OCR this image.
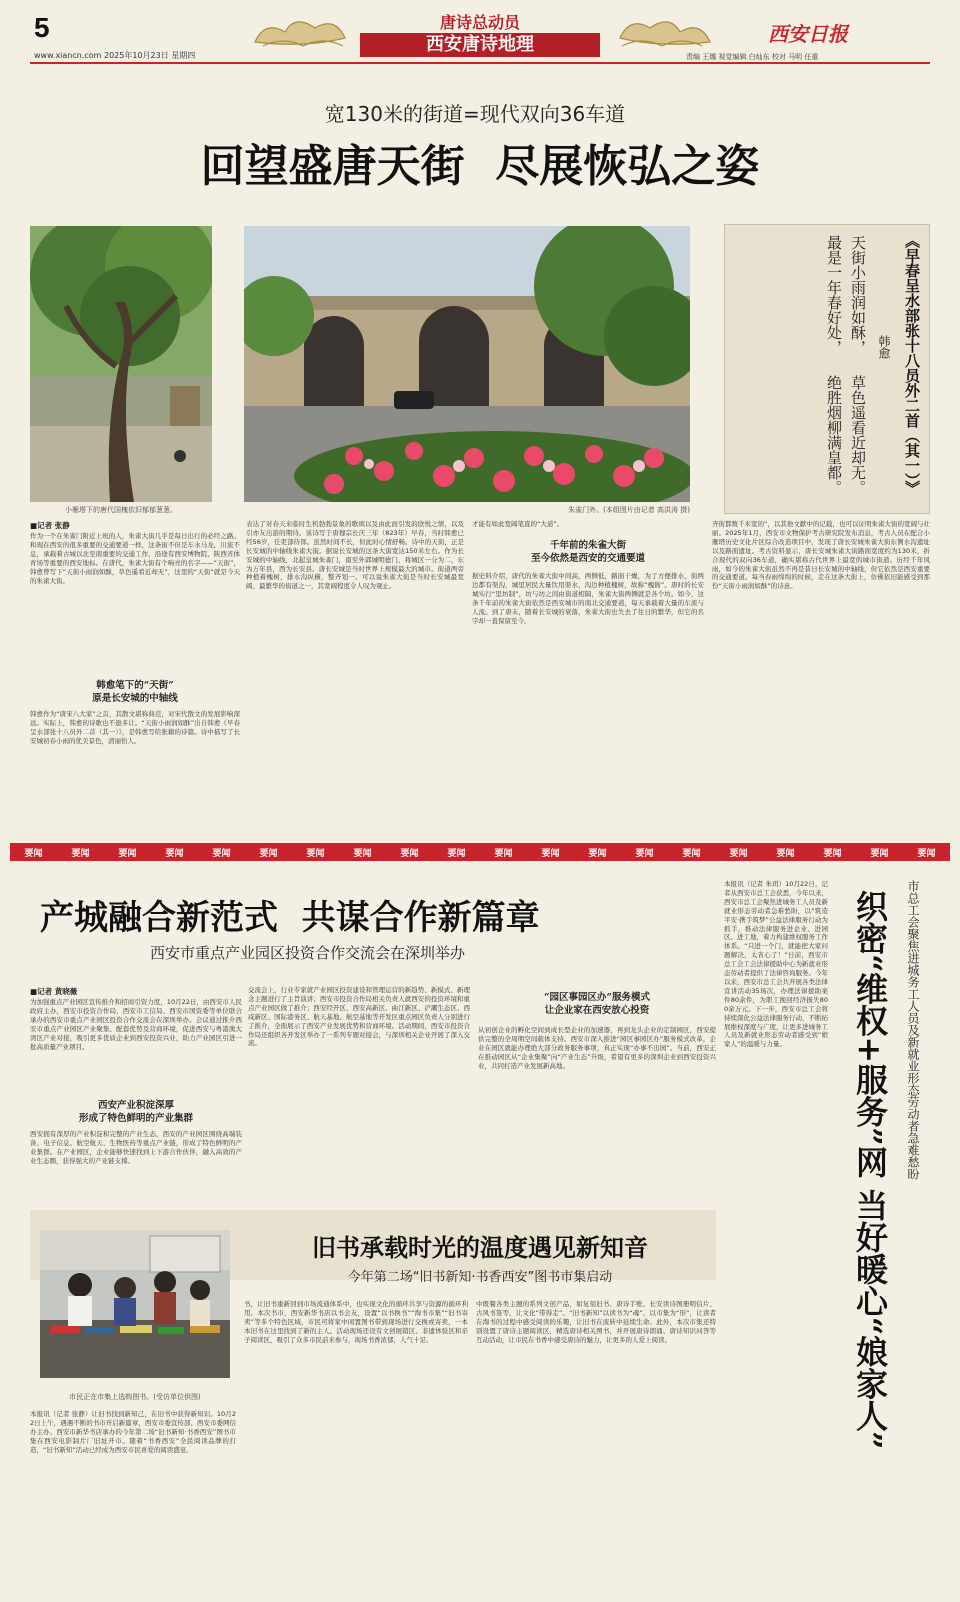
5
www.xiancn.com 2025年10月23日 星期四
唐诗总动员
西安唐诗地理	西安日报
责编 王娜 视觉编辑 白灿东 校对 马明 任重
宽130米的街道=现代双向36车道
回望盛唐天街  尽展恢弘之姿
小雁塔下的唐代国槐依旧郁郁葱葱。	朱雀门外。(本组图片由记者 高洪涛 摄)
《早春呈水部张十八员外二首（其一）》
韩愈
天街小雨润如酥，
草色遥看近却无。
最是一年春好处，
绝胜烟柳满皇都。
■记者 张静
作为一个在朱雀门附近上班的人，朱雀大街几乎是每日出行的必经之路。和现在西安的很多重要的交通要道一样，这条街不但是车水马龙，川流不息，承载着古城以北至南重要的交通工作，沿途有西安博物院、陕西省体育场等重要的西安地标。在唐代，朱雀大街有个响亮的名字——“天街”，韩愈曾写下“天街小雨润如酥，草色遥看近却无”，这里的“天街”就是今天的朱雀大街。
韩愈笔下的“天街”
原是长安城的中轴线
韩愈作为“唐宋八大家”之首，其散文堪称典范，对宋代散文的发展影响深远。实际上，韩愈的诗歌也不逊多让。“天街小雨润如酥”出自韩愈《早春呈水部张十八员外二首（其一）》，是韩愈写给张籍的诗篇。诗中描写了长安城初春小雨的优美景色，清丽怡人。
表达了对春天来临时生机勃勃景象的歌颂以及由此而引发的欣悦之情，以及引亦友出游的期待。该诗写于唐穆宗长庆三年（823年）早春，当时韩愈已经56岁，任吏部侍郎。虽然时间不长，但此时心情舒畅。诗中的天街，正是长安城的中轴线朱雀大街。据说长安城的这条大街宽达150米左右。作为长安城的中轴线，北起皇城朱雀门，南至外郭城明德门，将城区一分为二，东为万年县，西为长安县。唐长安城是当时世界上规模最大的城市。街道两旁种植着槐树，排水沟纵横，整齐划一。可以说朱雀大街是当时长安城最宽阔、最繁华的街道之一，其宽阔程度令人叹为观止。
才能有如此宽阔笔直的“大道”。
千年前的朱雀大街
至今依然是西安的交通要道
据史料介绍，唐代的朱雀大街中间高，两侧低，路面干燥，为了方便排水，街两边都有渠沟，城里居民大量饮用渠水，沟边种植槐树，故称“槐衙”。唐时的长安城实行“里坊制”，坊与坊之间由街道相隔，朱雀大街两侧就是各个坊。如今，这条千年前的朱雀大街依然是西安城市的南北交通要道，每天承载着大量的车流与人流。到了唐末，随着长安城的衰落，朱雀大街也失去了往日的繁华，但它的名字却一直保留至今。
齐街都数千米宽的”，以其他文献中的记载，也可以证明朱雀大街的宽阔与壮丽。2025年1月，西安市文物保护考古研究院发布消息，考古人员在配合小雁塔历史文化片区综合改造项目中，发现了唐长安城朱雀大街东侧水沟遗址以及路面遗址。考古资料显示，唐长安城朱雀大街路面宽度约为130米，折合现代的双向36车道，确实堪称古代世界上最宽的城市街道。历经千年风雨，如今的朱雀大街虽然不再是昔日长安城的中轴线，但它依然是西安重要的交通要道。每当春雨绵绵的时候，走在这条大街上，仿佛依旧能感受到那份“天街小雨润如酥”的诗意。
要闻	要闻	要闻	要闻	要闻	要闻	要闻	要闻	要闻	要闻	要闻	要闻	要闻	要闻	要闻	要闻	要闻	要闻	要闻	要闻
产城融合新范式  共谋合作新篇章
西安市重点产业园区投资合作交流会在深圳举办
■记者 黄晓薇
为加强重点产业园区宣传推介和招商引资力度，10月22日，由西安市人民政府主办，西安市投资合作局、西安市工信局、西安市国资委等单位联合承办的西安市重点产业园区投资合作交流会在深圳举办。会议通过推介西安市重点产业园区产业聚集、配套优势及营商环境，促进西安与粤港澳大湾区产业对接，吸引更多优质企业到西安投资兴业，助力产业园区引进一批高质量产业项目。
西安产业积淀深厚
形成了特色鲜明的产业集群
西安拥有深厚的产业积淀和完整的产业生态，西安的产业园区围绕高端装备、电子信息、航空航天、生物医药等重点产业链，形成了特色鲜明的产业集群。在产业园区，企业能够快速找到上下游合作伙伴，融入高效的产业生态圈，获得强大的产业链支撑。
交流会上，行业专家就产业园区投资建设和管理运营的新趋势、新模式、新理念主题进行了主旨演讲；西安市投资合作局相关负责人就西安的投资环境和重点产业园区做了推介；西安经开区、西安高新区、曲江新区、浐灞生态区、西咸新区、国际港务区、航天基地、航空基地等开发区重点园区负责人分别进行了推介，全面展示了西安产业发展优势和营商环境。活动期间，西安市投资合作局还组织各开发区举办了一系列专题对接会，与深圳相关企业开展了深入交流。
“园区事园区办”服务模式
让企业家在西安放心投资
从初创企业的孵化空间到成长型企业的加速器，再到龙头企业的定制园区，西安提供完整的全周期空间载体支持。西安市深入推进“园区事园区办”服务模式改革，企业在园区就能办理绝大部分政务服务事项，真正实现“办事不出园”。当前，西安正在推动园区从“企业集聚”向“产业生态”升级，希望有更多的深圳企业到西安投资兴业，共同打造产业发展新高地。
本报讯（记者 朱玥）10月22日，记者从西安市总工会获悉，今年以来，西安市总工会聚焦进城务工人员及新就业形态劳动者急难愁盼，以“筑造平安·携手筑梦”公益法律服务行动为抓手，推动法律服务进企业、进园区、进工地，着力构建维权服务工作体系。“只进一个门，就能把大家问题解决，太省心了！”日前，西安市总工会工会法律援助中心为新就业形态劳动者提供了法律咨询服务。今年以来，西安市总工会共开展各类法律宣讲活动35场次，办理法律援助案件80余件，为职工挽回经济损失800余万元。下一步，西安市总工会将持续深化公益法律服务行动，不断拓展维权深度与广度，让更多进城务工人员及新就业形态劳动者感受到“娘家人”的温暖与力量。	市总工会聚焦进城务工人员及新就业形态劳动者急难愁盼
织密“维权+服务”网 当好暖心“娘家人”
市民正在市集上选购图书。(受访单位供图)
旧书承载时光的温度遇见新知音
今年第二场“旧书新知·书香西安”图书市集启动
本报讯（记者 张静）让旧书找到新知己，在旧书中获得新知识。10月22日上午，遇遇不断的书市开启新篇章，西安市委宣传部、西安市委网信办主办、西安市新华书店承办的今年第二场“旧书新知·书香西安”图书市集在西安电影制片厂旧址开市。随着“书香西安”全民阅读品牌的打造，“旧书新知”活动已经成为西安市民喜爱的阅读盛宴。
书，让旧书重新回到市场流通体系中，也实现文化的循环共享与资源的循环利用。本次书市，西安新华书店以书会友，设置“以书换书”“淘书市集”“旧书寄卖”等多个特色区域，市民可将家中闲置图书带到现场进行交换或寄卖，一本本旧书在这里找到了新的主人。活动现场还设有文创展销区、非遗体验区和亲子阅读区，吸引了众多市民前来参与，现场书香浓郁，人气十足。
中既餐各类主题的系列文创产品，如复刻旧书、唐诗手账、长安读诗图册明信片、古风书签等，让文化“带得走”。“旧书新知”以读书为“魂”，以市集为“形”，让读者在淘书的过程中感受阅读的乐趣，让旧书在流转中延续生命。此外，本次市集还特别设置了唐诗主题阅读区，精选唐诗相关图书，并开展唐诗朗诵、唐诗知识问答等互动活动，让市民在书香中感受唐诗的魅力，让更多的人爱上阅读。
